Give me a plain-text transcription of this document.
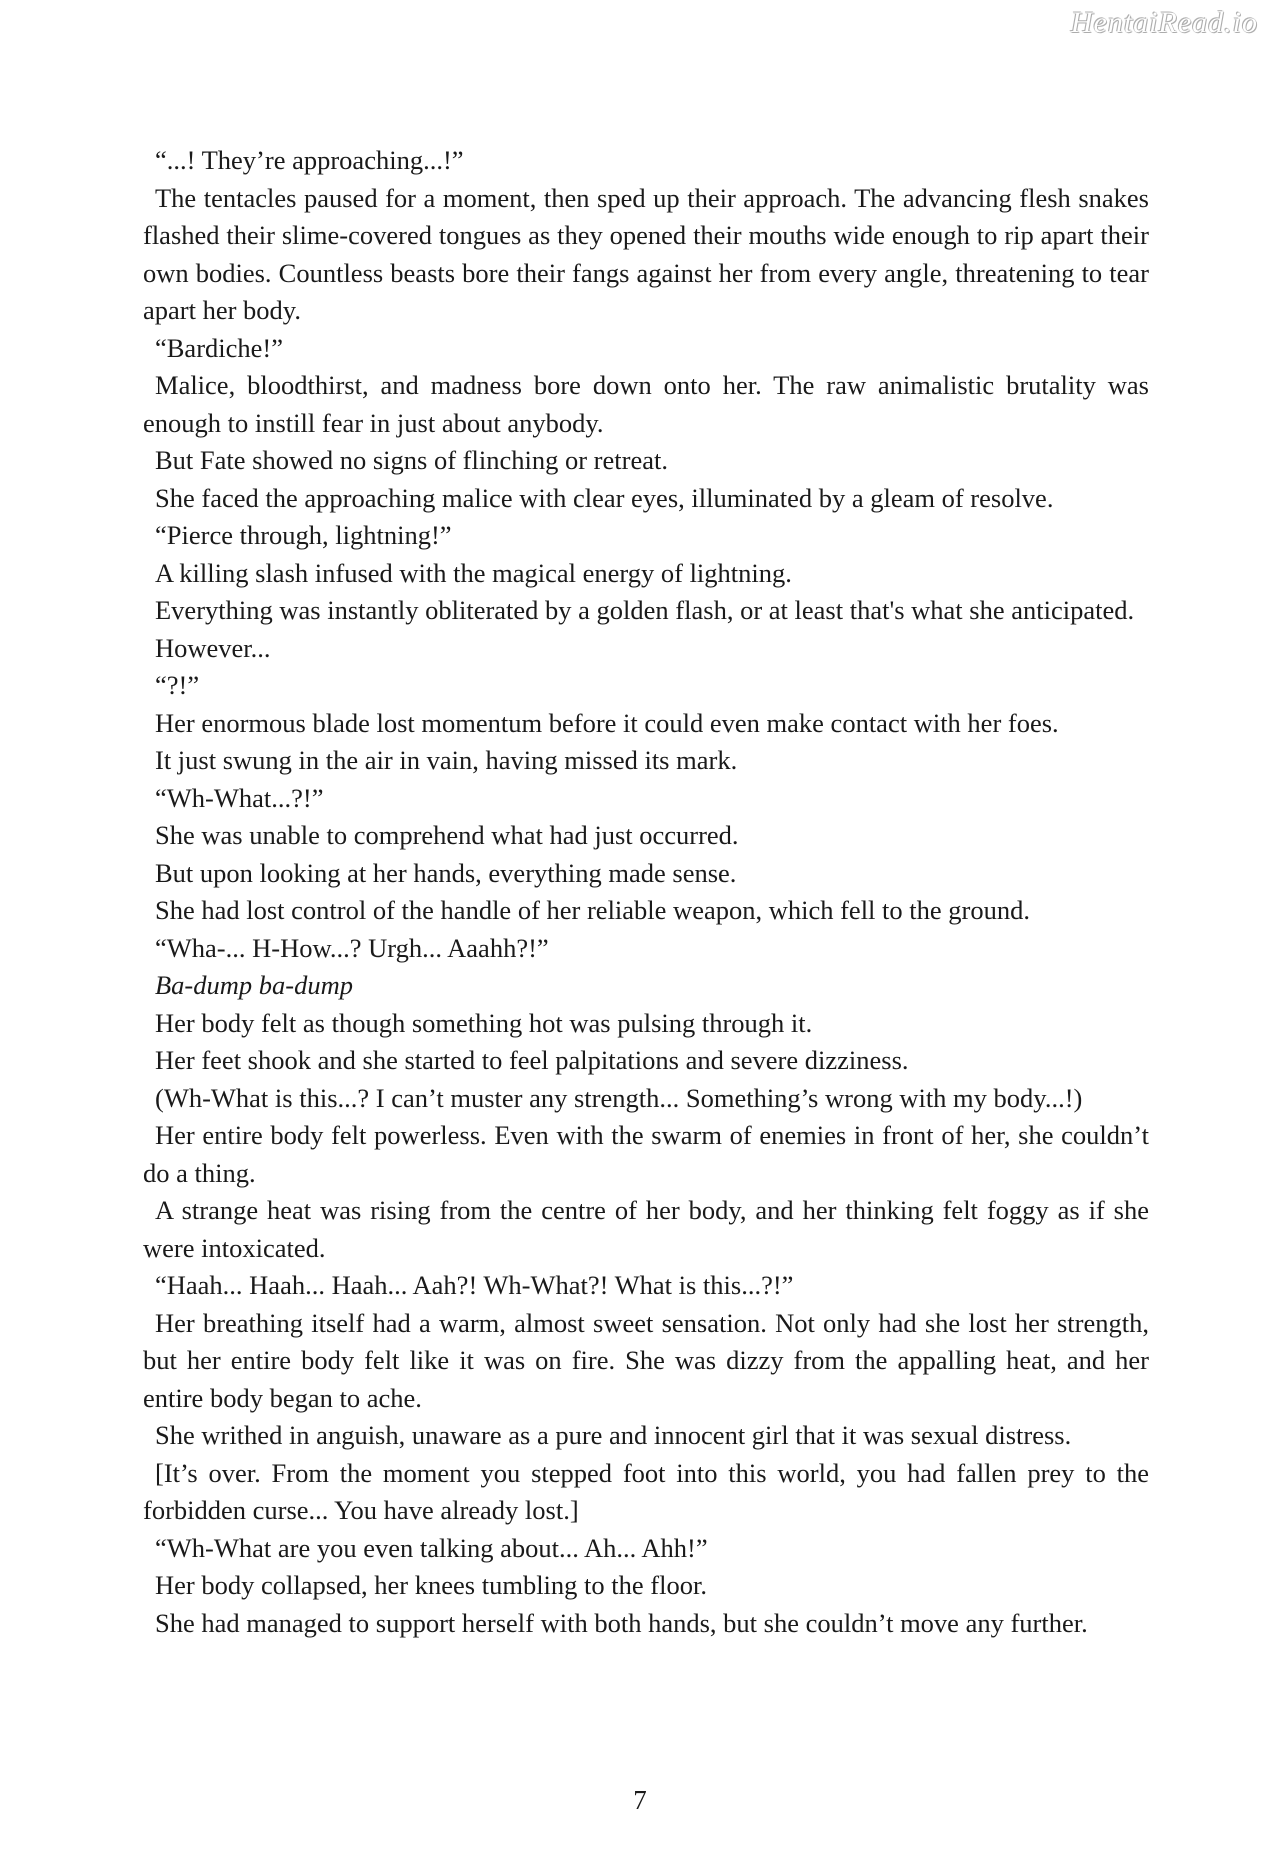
HentaiRead.io

“...! They’re approaching...!”

The tentacles paused for a moment, then sped up their approach. The advancing flesh snakes flashed their slime-covered tongues as they opened their mouths wide enough to rip apart their own bodies. Countless beasts bore their fangs against her from every angle, threatening to tear apart her body.

“Bardiche!”

Malice, bloodthirst, and madness bore down onto her. The raw animalistic brutality was enough to instill fear in just about anybody.

But Fate showed no signs of flinching or retreat.

She faced the approaching malice with clear eyes, illuminated by a gleam of resolve.

“Pierce through, lightning!”

A killing slash infused with the magical energy of lightning.

Everything was instantly obliterated by a golden flash, or at least that's what she anticipated.

However...

“?!”

Her enormous blade lost momentum before it could even make contact with her foes.

It just swung in the air in vain, having missed its mark.

“Wh-What...?!”

She was unable to comprehend what had just occurred.

But upon looking at her hands, everything made sense.

She had lost control of the handle of her reliable weapon, which fell to the ground.

“Wha-... H-How...? Urgh... Aaahh?!”

Ba-dump ba-dump

Her body felt as though something hot was pulsing through it.

Her feet shook and she started to feel palpitations and severe dizziness.

(Wh-What is this...? I can’t muster any strength... Something’s wrong with my body...!)

Her entire body felt powerless. Even with the swarm of enemies in front of her, she couldn’t do a thing.

A strange heat was rising from the centre of her body, and her thinking felt foggy as if she were intoxicated.

“Haah... Haah... Haah... Aah?! Wh-What?! What is this...?!”

Her breathing itself had a warm, almost sweet sensation. Not only had she lost her strength, but her entire body felt like it was on fire. She was dizzy from the appalling heat, and her entire body began to ache.

She writhed in anguish, unaware as a pure and innocent girl that it was sexual distress.

[It’s over. From the moment you stepped foot into this world, you had fallen prey to the forbidden curse... You have already lost.]

“Wh-What are you even talking about... Ah... Ahh!”

Her body collapsed, her knees tumbling to the floor.

She had managed to support herself with both hands, but she couldn’t move any further.

7
